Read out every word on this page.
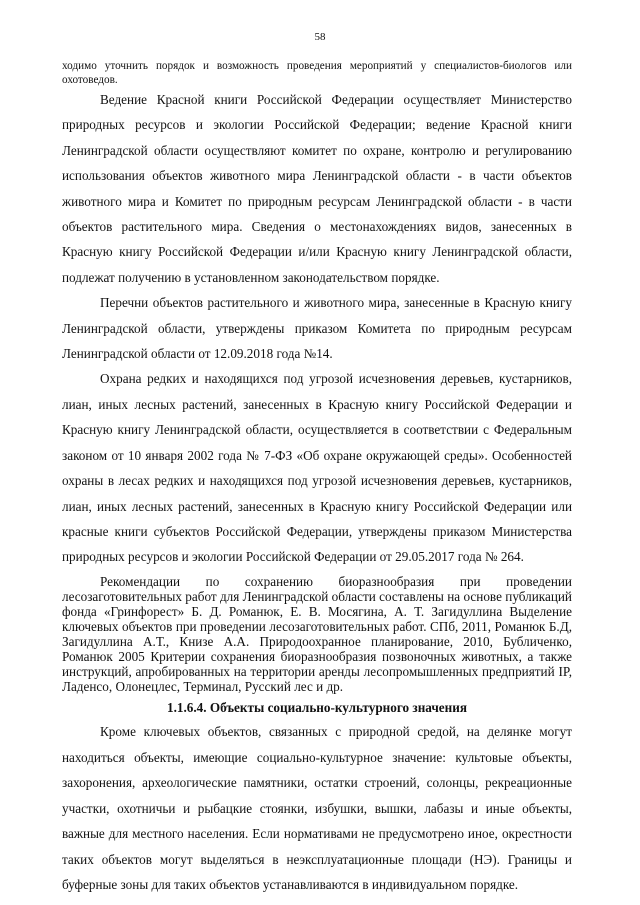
58

ходимо уточнить порядок и возможность проведения мероприятий у специалистов-биологов или охотоведов.

Ведение Красной книги Российской Федерации осуществляет Министерство природных ресурсов и экологии Российской Федерации; ведение Красной книги Ленинградской области осуществляют комитет по охране, контролю и регулированию использования объектов животного мира Ленинградской области - в части объектов животного мира и Комитет по природным ресурсам Ленинградской области - в части объектов растительного мира. Сведения о местонахождениях видов, занесенных в Красную книгу Российской Федерации и/или Красную книгу Ленинградской области, подлежат получению в установленном законодательством порядке.

Перечни объектов растительного и животного мира, занесенные в Красную книгу Ленинградской области, утверждены приказом Комитета по природным ресурсам Ленинградской области от 12.09.2018 года №14.

Охрана редких и находящихся под угрозой исчезновения деревьев, кустарников, лиан, иных лесных растений, занесенных в Красную книгу Российской Федерации и Красную книгу Ленинградской области, осуществляется в соответствии с Федеральным законом от 10 января 2002 года № 7-ФЗ «Об охране окружающей среды». Особенностей охраны в лесах редких и находящихся под угрозой исчезновения деревьев, кустарников, лиан, иных лесных растений, занесенных в Красную книгу Российской Федерации или красные книги субъектов Российской Федерации, утверждены приказом Министерства природных ресурсов и экологии Российской Федерации от 29.05.2017 года № 264.

Рекомендации по сохранению биоразнообразия при проведении лесозаготовительных работ для Ленинградской области составлены на основе публикаций фонда «Гринфорест» Б. Д. Романюк, Е. В. Мосягина, А. Т. Загидуллина Выделение ключевых объектов при проведении лесозаготовительных работ. СПб, 2011, Романюк Б.Д, Загидуллина А.Т., Книзе А.А. Природоохранное планирование, 2010, Бубличенко, Романюк 2005 Критерии сохранения биоразнообразия позвоночных животных, а также инструкций, апробированных на территории аренды лесопромышленных предприятий IP, Ладенсо, Олонецлес, Терминал, Русский лес и др.

1.1.6.4. Объекты социально-культурного значения

Кроме ключевых объектов, связанных с природной средой, на делянке могут находиться объекты, имеющие социально-культурное значение: культовые объекты, захоронения, археологические памятники, остатки строений, солонцы, рекреационные участки, охотничьи и рыбацкие стоянки, избушки, вышки, лабазы и иные объекты, важные для местного населения. Если нормативами не предусмотрено иное, окрестности таких объектов могут выделяться в неэксплуатационные площади (НЭ). Границы и буферные зоны для таких объектов устанавливаются в индивидуальном порядке.
